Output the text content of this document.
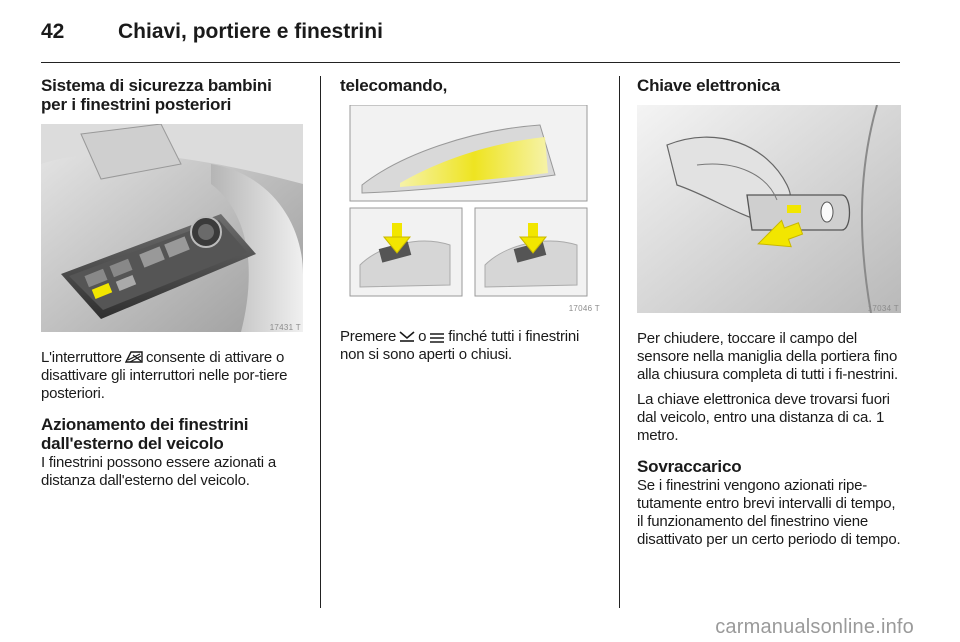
42	Chiavi, portiere e finestrini
Sistema di sicurezza bambini per i finestrini posteriori
17431 T

L'interruttore consente di attivare o disattivare gli interruttori nelle por-tiere posteriori.

Azionamento dei finestrini dall'esterno del veicolo

I finestrini possono essere azionati a distanza dall'esterno del veicolo.

telecomando,
17046 T

Premere o finché tutti i finestrini non si sono aperti o chiusi.

Chiave elettronica
17034 T

Per chiudere, toccare il campo del sensore nella maniglia della portiera fino alla chiusura completa di tutti i fi-nestrini.

La chiave elettronica deve trovarsi fuori dal veicolo, entro una distanza di ca. 1 metro.

Sovraccarico

Se i finestrini vengono azionati ripe-tutamente entro brevi intervalli di tempo, il funzionamento del finestrino viene disattivato per un certo periodo di tempo.

carmanualsonline.info
